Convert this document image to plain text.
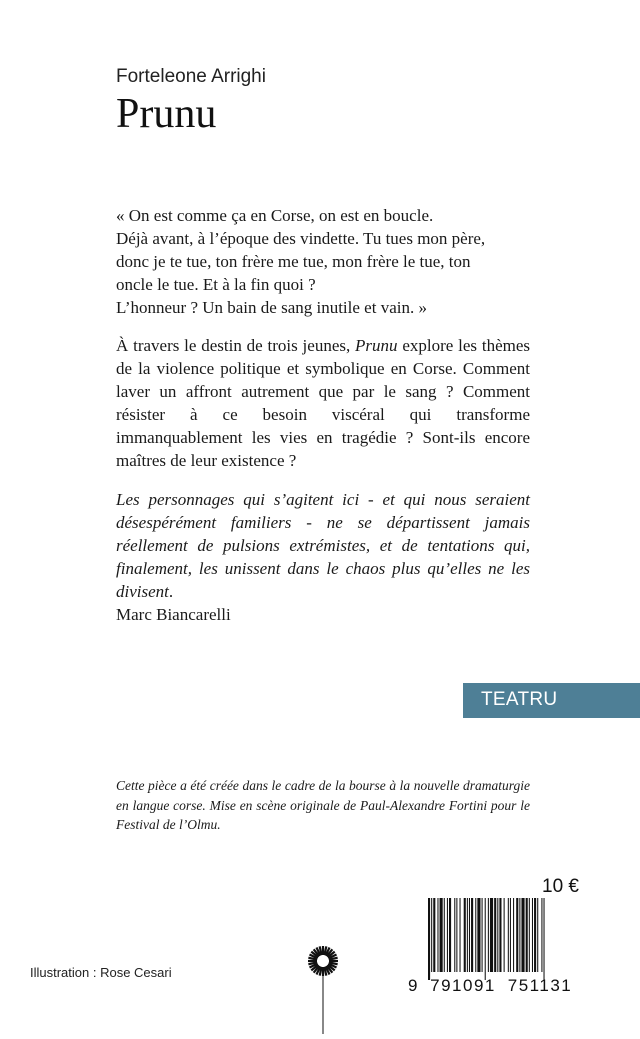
Forteleone Arrighi
Prunu

« On est comme ça en Corse, on est en boucle.
Déjà avant, à l’époque des vindette. Tu tues mon père,
donc je te tue, ton frère me tue, mon frère le tue, ton
oncle le tue. Et à la fin quoi ?
L’honneur ? Un bain de sang inutile et vain. »

À travers le destin de trois jeunes, Prunu explore les thèmes de la violence politique et symbolique en Corse. Comment laver un affront autrement que par le sang ? Comment résister à ce besoin viscéral qui transforme immanquablement les vies en tragédie ? Sont-ils encore maîtres de leur existence ?

Les personnages qui s’agitent ici - et qui nous seraient désespérément familiers - ne se départissent jamais réellement de pulsions extrémistes, et de tentations qui, finalement, les unissent dans le chaos plus qu’elles ne les divisent.

Marc Biancarelli
TEATRU

Cette pièce a été créée dans le cadre de la bourse à la nouvelle dramaturgie en langue corse. Mise en scène originale de Paul-Alexandre Fortini pour le Festival de l’Olmu.

10 €
9 791091 751131
Illustration : Rose Cesari
